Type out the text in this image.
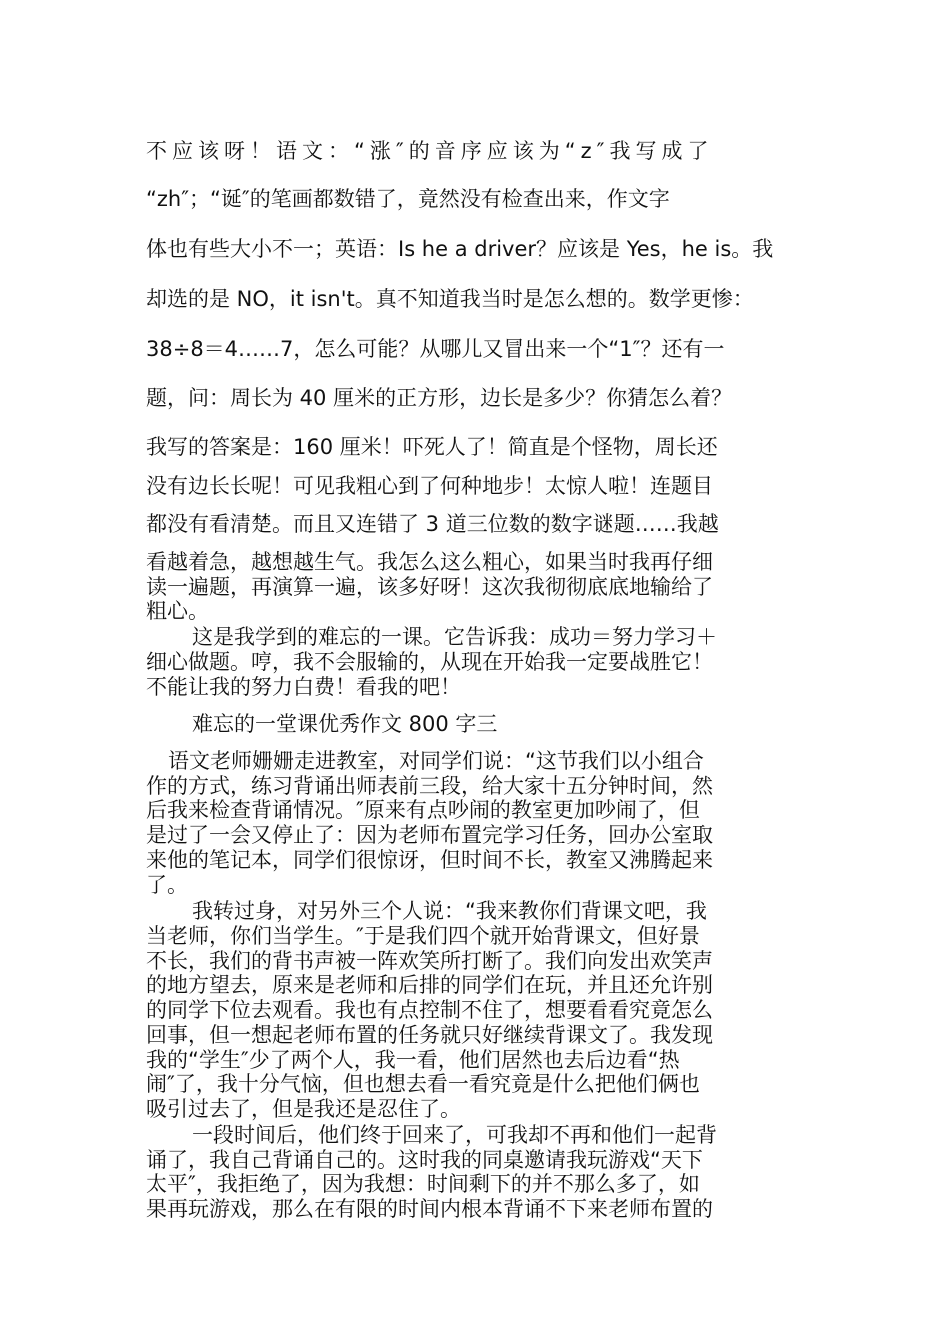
不应该呀！语文：“涨″的音序应该为“z″我写成了

“zh″；“诞″的笔画都数错了，竟然没有检查出来，作文字

体也有些大小不一；英语：Is he a driver？应该是 Yes，he is。我

却选的是 NO，it isn't。真不知道我当时是怎么想的。数学更惨：

38÷8＝4……7，怎么可能？从哪儿又冒出来一个“1″？还有一

题，问：周长为 40 厘米的正方形，边长是多少？你猜怎么着？

我写的答案是：160 厘米！吓死人了！简直是个怪物，周长还

没有边长长呢！可见我粗心到了何种地步！太惊人啦！连题目

都没有看清楚。而且又连错了 3 道三位数的数字谜题……我越

看越着急，越想越生气。我怎么这么粗心，如果当时我再仔细

读一遍题，再演算一遍，该多好呀！这次我彻彻底底地输给了

粗心。

这是我学到的难忘的一课。它告诉我：成功＝努力学习＋

细心做题。哼，我不会服输的，从现在开始我一定要战胜它！

不能让我的努力白费！看我的吧！

难忘的一堂课优秀作文 800 字三

语文老师姗姗走进教室，对同学们说：“这节我们以小组合

作的方式，练习背诵出师表前三段，给大家十五分钟时间，然

后我来检查背诵情况。″原来有点吵闹的教室更加吵闹了，但

是过了一会又停止了：因为老师布置完学习任务，回办公室取

来他的笔记本，同学们很惊讶，但时间不长，教室又沸腾起来

了。

我转过身，对另外三个人说：“我来教你们背课文吧，我

当老师，你们当学生。″于是我们四个就开始背课文，但好景

不长，我们的背书声被一阵欢笑所打断了。我们向发出欢笑声

的地方望去，原来是老师和后排的同学们在玩，并且还允许别

的同学下位去观看。我也有点控制不住了，想要看看究竟怎么

回事，但一想起老师布置的任务就只好继续背课文了。我发现

我的“学生″少了两个人，我一看，他们居然也去后边看“热

闹″了，我十分气恼，但也想去看一看究竟是什么把他们俩也

吸引过去了，但是我还是忍住了。

一段时间后，他们终于回来了，可我却不再和他们一起背

诵了，我自己背诵自己的。这时我的同桌邀请我玩游戏“天下

太平″，我拒绝了，因为我想：时间剩下的并不那么多了，如

果再玩游戏，那么在有限的时间内根本背诵不下来老师布置的
